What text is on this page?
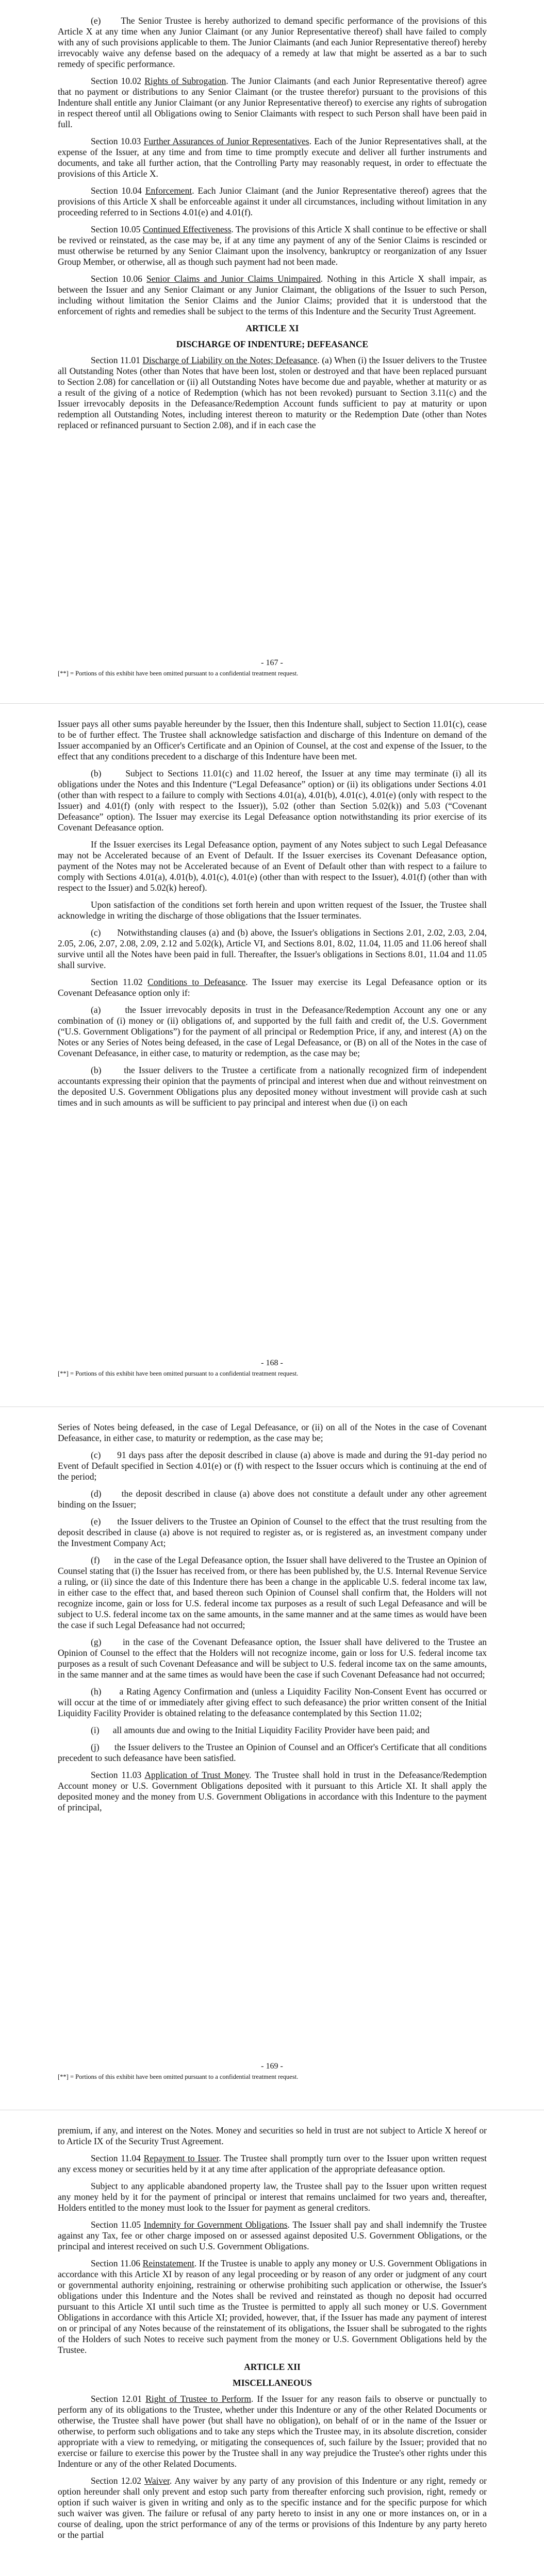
(e)      The Senior Trustee is hereby authorized to demand specific performance of the provisions of this Article X at any time when any Junior Claimant (or any Junior Representative thereof) shall have failed to comply with any of such provisions applicable to them. The Junior Claimants (and each Junior Representative thereof) hereby irrevocably waive any defense based on the adequacy of a remedy at law that might be asserted as a bar to such remedy of specific performance.

Section 10.02 Rights of Subrogation. The Junior Claimants (and each Junior Representative thereof) agree that no payment or distributions to any Senior Claimant (or the trustee therefor) pursuant to the provisions of this Indenture shall entitle any Junior Claimant (or any Junior Representative thereof) to exercise any rights of subrogation in respect thereof until all Obligations owing to Senior Claimants with respect to such Person shall have been paid in full.

Section 10.03 Further Assurances of Junior Representatives. Each of the Junior Representatives shall, at the expense of the Issuer, at any time and from time to time promptly execute and deliver all further instruments and documents, and take all further action, that the Controlling Party may reasonably request, in order to effectuate the provisions of this Article X.

Section 10.04 Enforcement. Each Junior Claimant (and the Junior Representative thereof) agrees that the provisions of this Article X shall be enforceable against it under all circumstances, including without limitation in any proceeding referred to in Sections 4.01(e) and 4.01(f).

Section 10.05 Continued Effectiveness. The provisions of this Article X shall continue to be effective or shall be revived or reinstated, as the case may be, if at any time any payment of any of the Senior Claims is rescinded or must otherwise be returned by any Senior Claimant upon the insolvency, bankruptcy or reorganization of any Issuer Group Member, or otherwise, all as though such payment had not been made.

Section 10.06 Senior Claims and Junior Claims Unimpaired. Nothing in this Article X shall impair, as between the Issuer and any Senior Claimant or any Junior Claimant, the obligations of the Issuer to such Person, including without limitation the Senior Claims and the Junior Claims; provided that it is understood that the enforcement of rights and remedies shall be subject to the terms of this Indenture and the Security Trust Agreement.

ARTICLE XI
DISCHARGE OF INDENTURE; DEFEASANCE

Section 11.01 Discharge of Liability on the Notes; Defeasance. (a) When (i) the Issuer delivers to the Trustee all Outstanding Notes (other than Notes that have been lost, stolen or destroyed and that have been replaced pursuant to Section 2.08) for cancellation or (ii) all Outstanding Notes have become due and payable, whether at maturity or as a result of the giving of a notice of Redemption (which has not been revoked) pursuant to Section 3.11(c) and the Issuer irrevocably deposits in the Defeasance/Redemption Account funds sufficient to pay at maturity or upon redemption all Outstanding Notes, including interest thereon to maturity or the Redemption Date (other than Notes replaced or refinanced pursuant to Section 2.08), and if in each case the

- 167 -
[**] = Portions of this exhibit have been omitted pursuant to a confidential treatment request.

Issuer pays all other sums payable hereunder by the Issuer, then this Indenture shall, subject to Section 11.01(c), cease to be of further effect. The Trustee shall acknowledge satisfaction and discharge of this Indenture on demand of the Issuer accompanied by an Officer's Certificate and an Opinion of Counsel, at the cost and expense of the Issuer, to the effect that any conditions precedent to a discharge of this Indenture have been met.

(b)      Subject to Sections 11.01(c) and 11.02 hereof, the Issuer at any time may terminate (i) all its obligations under the Notes and this Indenture (“Legal Defeasance” option) or (ii) its obligations under Sections 4.01 (other than with respect to a failure to comply with Sections 4.01(a), 4.01(b), 4.01(c), 4.01(e) (only with respect to the Issuer) and 4.01(f) (only with respect to the Issuer)), 5.02 (other than Section 5.02(k)) and 5.03 (“Covenant Defeasance” option). The Issuer may exercise its Legal Defeasance option notwithstanding its prior exercise of its Covenant Defeasance option.

If the Issuer exercises its Legal Defeasance option, payment of any Notes subject to such Legal Defeasance may not be Accelerated because of an Event of Default. If the Issuer exercises its Covenant Defeasance option, payment of the Notes may not be Accelerated because of an Event of Default other than with respect to a failure to comply with Sections 4.01(a), 4.01(b), 4.01(c), 4.01(e) (other than with respect to the Issuer), 4.01(f) (other than with respect to the Issuer) and 5.02(k) hereof).

Upon satisfaction of the conditions set forth herein and upon written request of the Issuer, the Trustee shall acknowledge in writing the discharge of those obligations that the Issuer terminates.

(c)      Notwithstanding clauses (a) and (b) above, the Issuer's obligations in Sections 2.01, 2.02, 2.03, 2.04, 2.05, 2.06, 2.07, 2.08, 2.09, 2.12 and 5.02(k), Article VI, and Sections 8.01, 8.02, 11.04, 11.05 and 11.06 hereof shall survive until all the Notes have been paid in full. Thereafter, the Issuer's obligations in Sections 8.01, 11.04 and 11.05 shall survive.

Section 11.02 Conditions to Defeasance. The Issuer may exercise its Legal Defeasance option or its Covenant Defeasance option only if:

(a)      the Issuer irrevocably deposits in trust in the Defeasance/Redemption Account any one or any combination of (i) money or (ii) obligations of, and supported by the full faith and credit of, the U.S. Government (“U.S. Government Obligations”) for the payment of all principal or Redemption Price, if any, and interest (A) on the Notes or any Series of Notes being defeased, in the case of Legal Defeasance, or (B) on all of the Notes in the case of Covenant Defeasance, in either case, to maturity or redemption, as the case may be;

(b)      the Issuer delivers to the Trustee a certificate from a nationally recognized firm of independent accountants expressing their opinion that the payments of principal and interest when due and without reinvestment on the deposited U.S. Government Obligations plus any deposited money without investment will provide cash at such times and in such amounts as will be sufficient to pay principal and interest when due (i) on each

- 168 -
[**] = Portions of this exhibit have been omitted pursuant to a confidential treatment request.

Series of Notes being defeased, in the case of Legal Defeasance, or (ii) on all of the Notes in the case of Covenant Defeasance, in either case, to maturity or redemption, as the case may be;

(c)      91 days pass after the deposit described in clause (a) above is made and during the 91-day period no Event of Default specified in Section 4.01(e) or (f) with respect to the Issuer occurs which is continuing at the end of the period;

(d)      the deposit described in clause (a) above does not constitute a default under any other agreement binding on the Issuer;

(e)      the Issuer delivers to the Trustee an Opinion of Counsel to the effect that the trust resulting from the deposit described in clause (a) above is not required to register as, or is registered as, an investment company under the Investment Company Act;

(f)      in the case of the Legal Defeasance option, the Issuer shall have delivered to the Trustee an Opinion of Counsel stating that (i) the Issuer has received from, or there has been published by, the U.S. Internal Revenue Service a ruling, or (ii) since the date of this Indenture there has been a change in the applicable U.S. federal income tax law, in either case to the effect that, and based thereon such Opinion of Counsel shall confirm that, the Holders will not recognize income, gain or loss for U.S. federal income tax purposes as a result of such Legal Defeasance and will be subject to U.S. federal income tax on the same amounts, in the same manner and at the same times as would have been the case if such Legal Defeasance had not occurred;

(g)      in the case of the Covenant Defeasance option, the Issuer shall have delivered to the Trustee an Opinion of Counsel to the effect that the Holders will not recognize income, gain or loss for U.S. federal income tax purposes as a result of such Covenant Defeasance and will be subject to U.S. federal income tax on the same amounts, in the same manner and at the same times as would have been the case if such Covenant Defeasance had not occurred;

(h)      a Rating Agency Confirmation and (unless a Liquidity Facility Non-Consent Event has occurred or will occur at the time of or immediately after giving effect to such defeasance) the prior written consent of the Initial Liquidity Facility Provider is obtained relating to the defeasance contemplated by this Section 11.02;

(i)      all amounts due and owing to the Initial Liquidity Facility Provider have been paid; and

(j)      the Issuer delivers to the Trustee an Opinion of Counsel and an Officer's Certificate that all conditions precedent to such defeasance have been satisfied.

Section 11.03 Application of Trust Money. The Trustee shall hold in trust in the Defeasance/Redemption Account money or U.S. Government Obligations deposited with it pursuant to this Article XI. It shall apply the deposited money and the money from U.S. Government Obligations in accordance with this Indenture to the payment of principal,

- 169 -
[**] = Portions of this exhibit have been omitted pursuant to a confidential treatment request.

premium, if any, and interest on the Notes. Money and securities so held in trust are not subject to Article X hereof or to Article IX of the Security Trust Agreement.

Section 11.04 Repayment to Issuer. The Trustee shall promptly turn over to the Issuer upon written request any excess money or securities held by it at any time after application of the appropriate defeasance option.

Subject to any applicable abandoned property law, the Trustee shall pay to the Issuer upon written request any money held by it for the payment of principal or interest that remains unclaimed for two years and, thereafter, Holders entitled to the money must look to the Issuer for payment as general creditors.

Section 11.05 Indemnity for Government Obligations. The Issuer shall pay and shall indemnify the Trustee against any Tax, fee or other charge imposed on or assessed against deposited U.S. Government Obligations, or the principal and interest received on such U.S. Government Obligations.

Section 11.06 Reinstatement. If the Trustee is unable to apply any money or U.S. Government Obligations in accordance with this Article XI by reason of any legal proceeding or by reason of any order or judgment of any court or governmental authority enjoining, restraining or otherwise prohibiting such application or otherwise, the Issuer's obligations under this Indenture and the Notes shall be revived and reinstated as though no deposit had occurred pursuant to this Article XI until such time as the Trustee is permitted to apply all such money or U.S. Government Obligations in accordance with this Article XI; provided, however, that, if the Issuer has made any payment of interest on or principal of any Notes because of the reinstatement of its obligations, the Issuer shall be subrogated to the rights of the Holders of such Notes to receive such payment from the money or U.S. Government Obligations held by the Trustee.

ARTICLE XII
MISCELLANEOUS

Section 12.01 Right of Trustee to Perform. If the Issuer for any reason fails to observe or punctually to perform any of its obligations to the Trustee, whether under this Indenture or any of the other Related Documents or otherwise, the Trustee shall have power (but shall have no obligation), on behalf of or in the name of the Issuer or otherwise, to perform such obligations and to take any steps which the Trustee may, in its absolute discretion, consider appropriate with a view to remedying, or mitigating the consequences of, such failure by the Issuer; provided that no exercise or failure to exercise this power by the Trustee shall in any way prejudice the Trustee's other rights under this Indenture or any of the other Related Documents.

Section 12.02 Waiver. Any waiver by any party of any provision of this Indenture or any right, remedy or option hereunder shall only prevent and estop such party from thereafter enforcing such provision, right, remedy or option if such waiver is given in writing and only as to the specific instance and for the specific purpose for which such waiver was given. The failure or refusal of any party hereto to insist in any one or more instances on, or in a course of dealing, upon the strict performance of any of the terms or provisions of this Indenture by any party hereto or the partial
